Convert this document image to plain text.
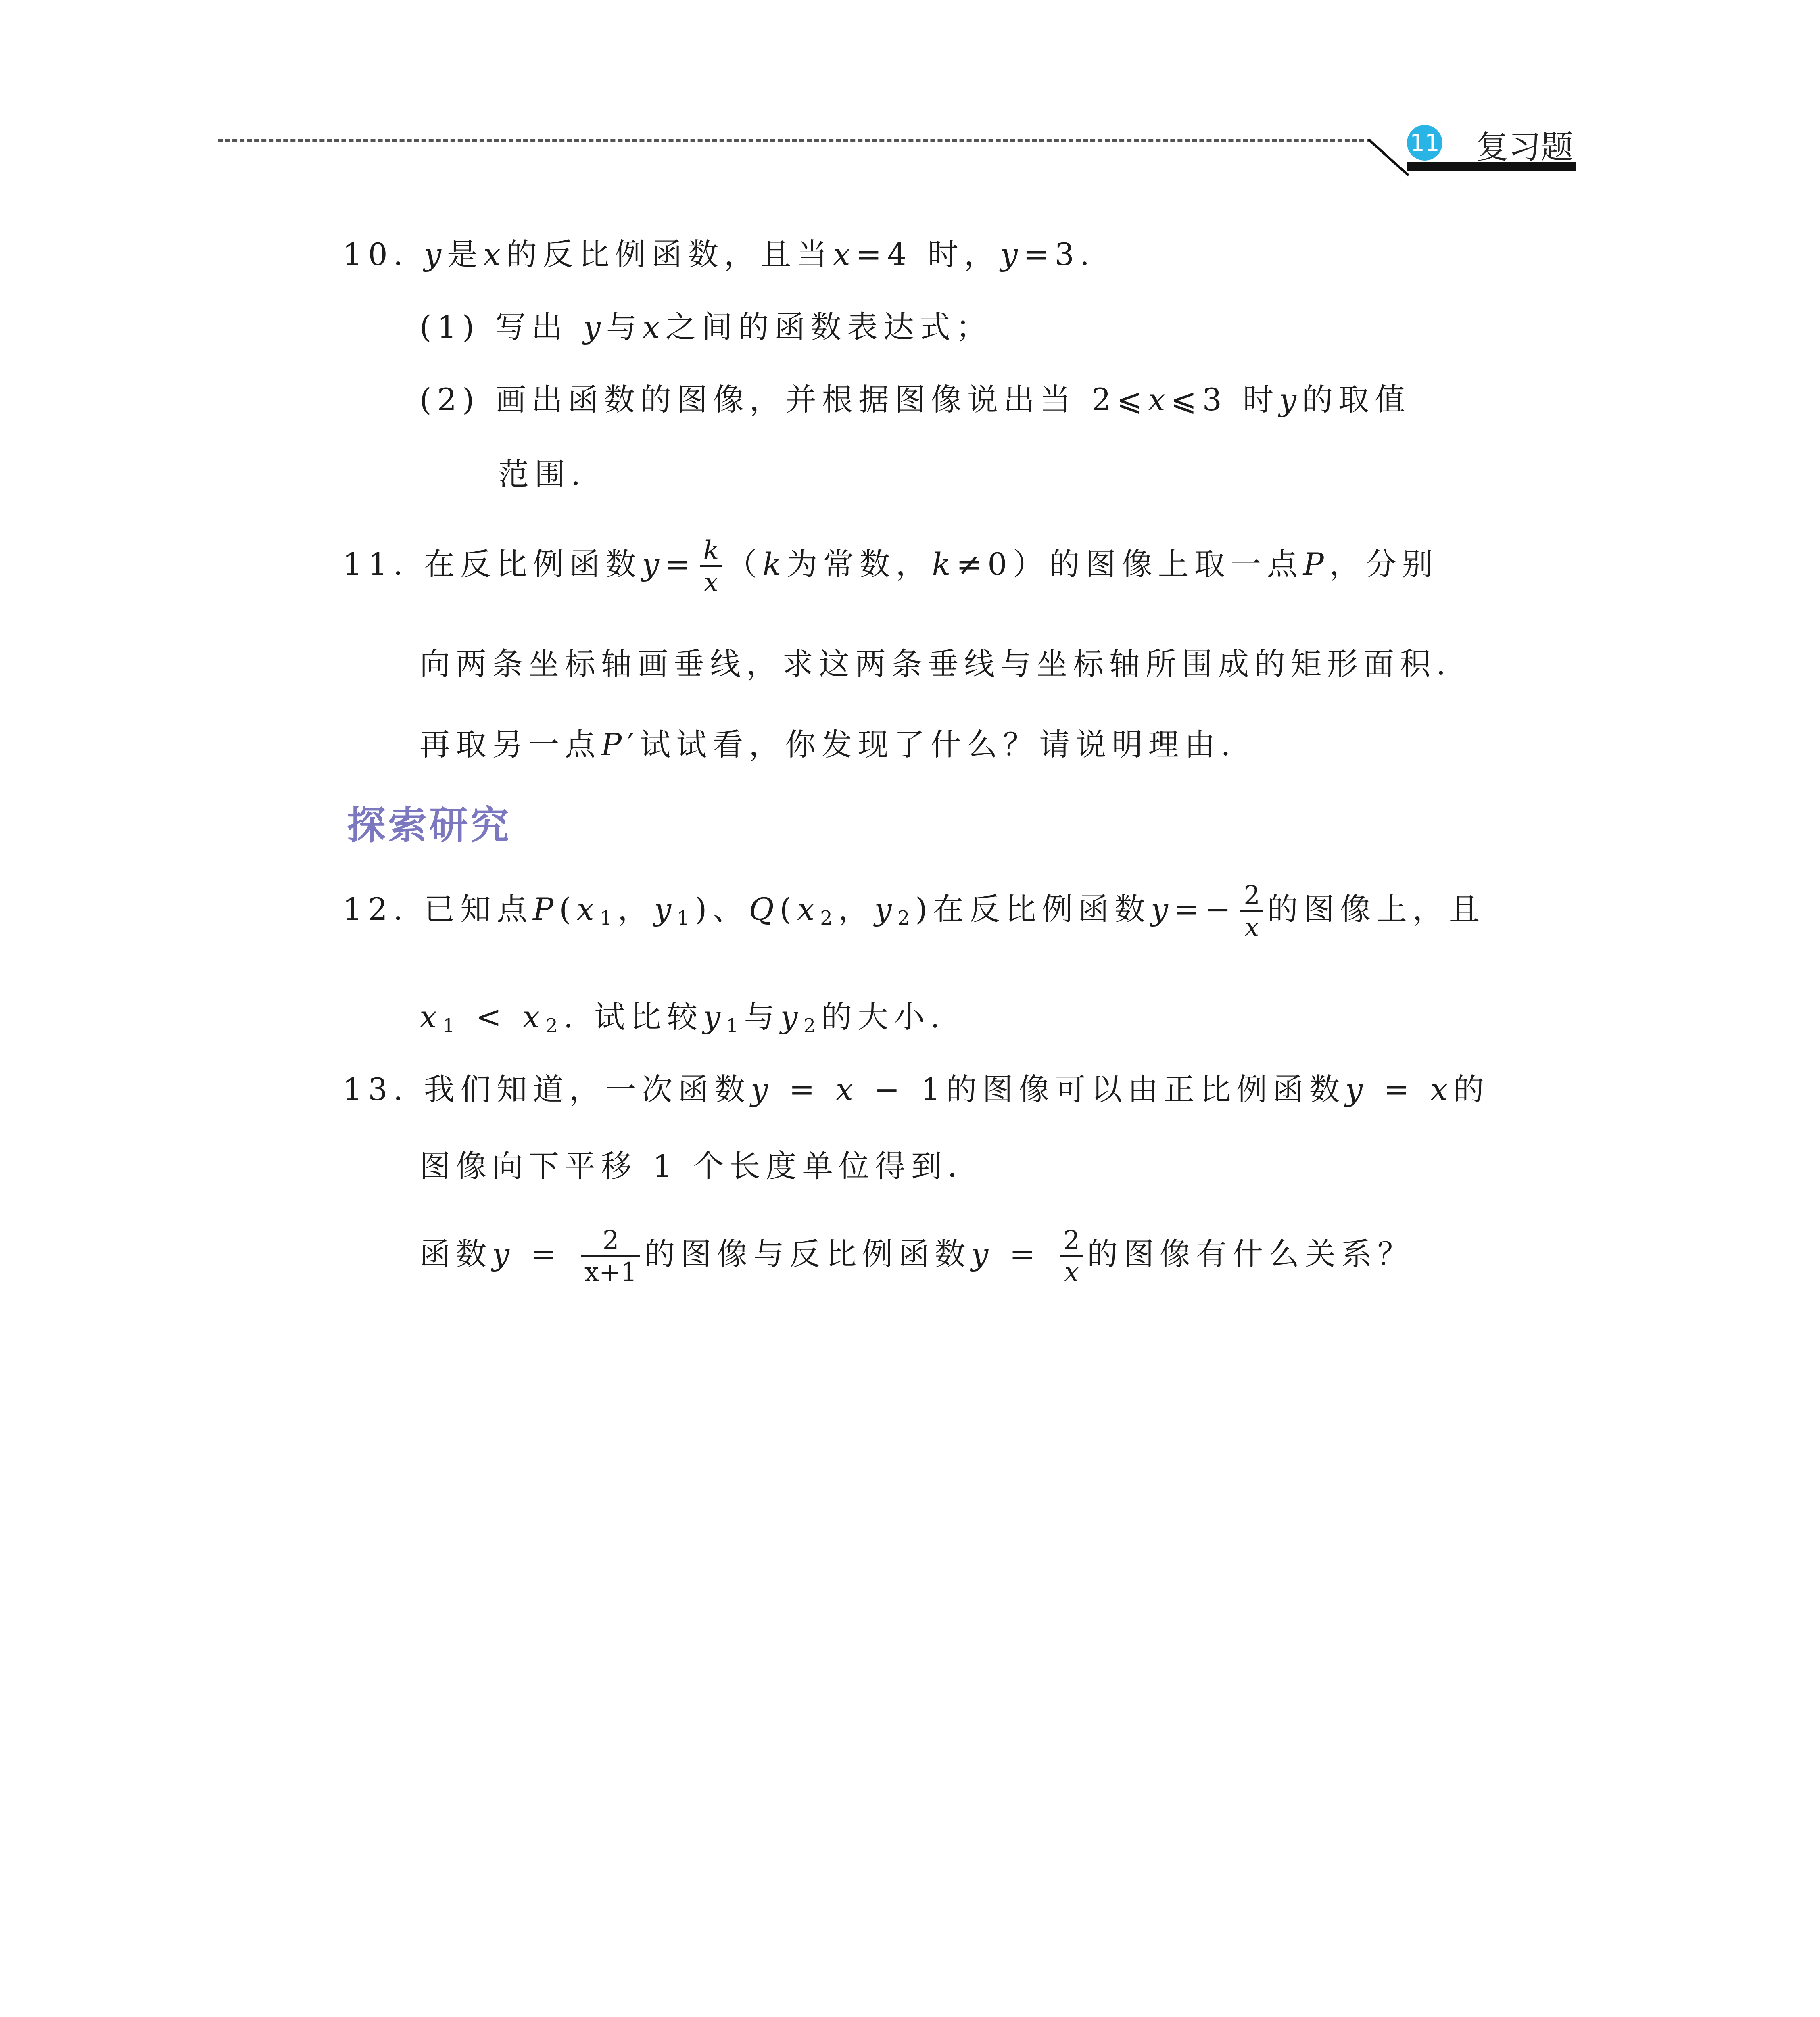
11 复习题
10. y是x的反比例函数，且当x=4 时，y=3.
(1) 写出 y与x之间的函数表达式；
(2) 画出函数的图像，并根据图像说出当 2⩽x⩽3 时y的取值
范围.
11. 在反比例函数$y= \frac{k}{x} (k$为常数，k≠0）的图像上取一点P，分别
向两条坐标轴画垂线，求这两条垂线与坐标轴所围成的矩形面积.
再取另一点P′试试看，你发现了什么？请说明理由.
探索研究
12. 已知点$P(x_1$，$y_1$)、$Q(x_2$，$y_2$)在反比例函数$y=- \frac{2}{x}$ 的图像上，且
$x_1 < x_2$. 试比较$y_1$与$y_2$的大小.
13. 我们知道，一次函数y = x − 1的图像可以由正比例函数y = x的
图像向下平移 1 个长度单位得到.
函数$y = \frac{2}{x+1}$ 的图像与反比例函数$y = \frac{2}{x}$ 的图像有什么关系？
